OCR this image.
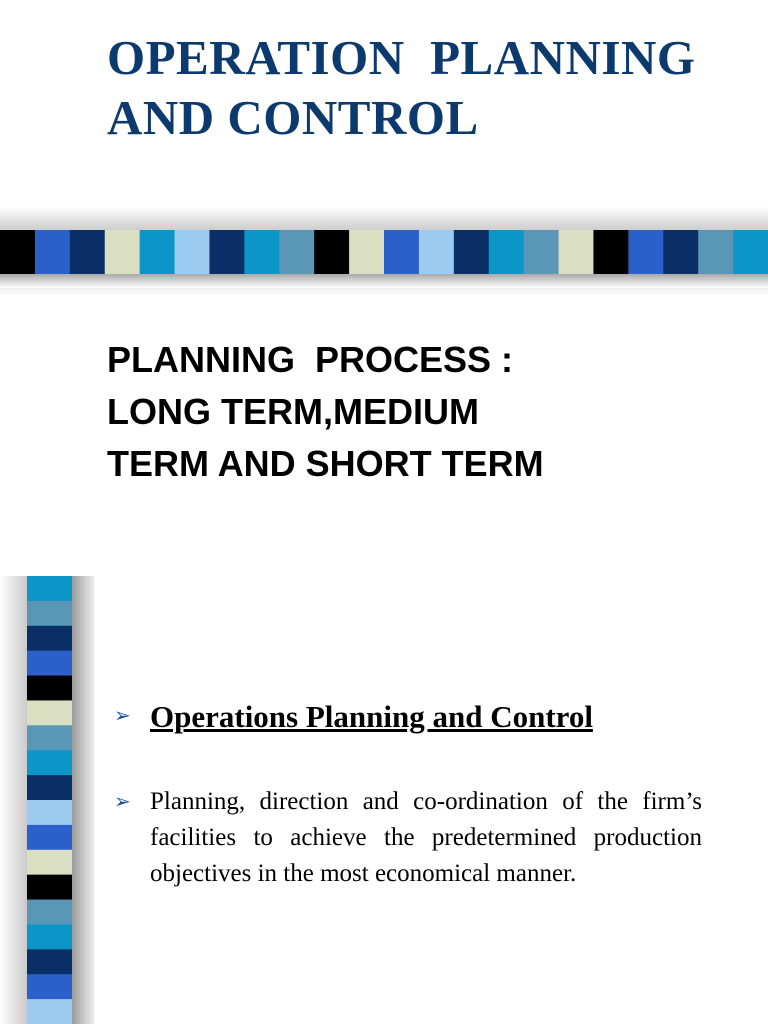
OPERATION  PLANNING
AND CONTROL
PLANNING  PROCESS :
LONG TERM,MEDIUM
TERM AND SHORT TERM
➢ Operations Planning and Control
➢ Planning, direction and co-ordination of the firm’s facilities to achieve the predetermined production objectives in the most economical manner.
